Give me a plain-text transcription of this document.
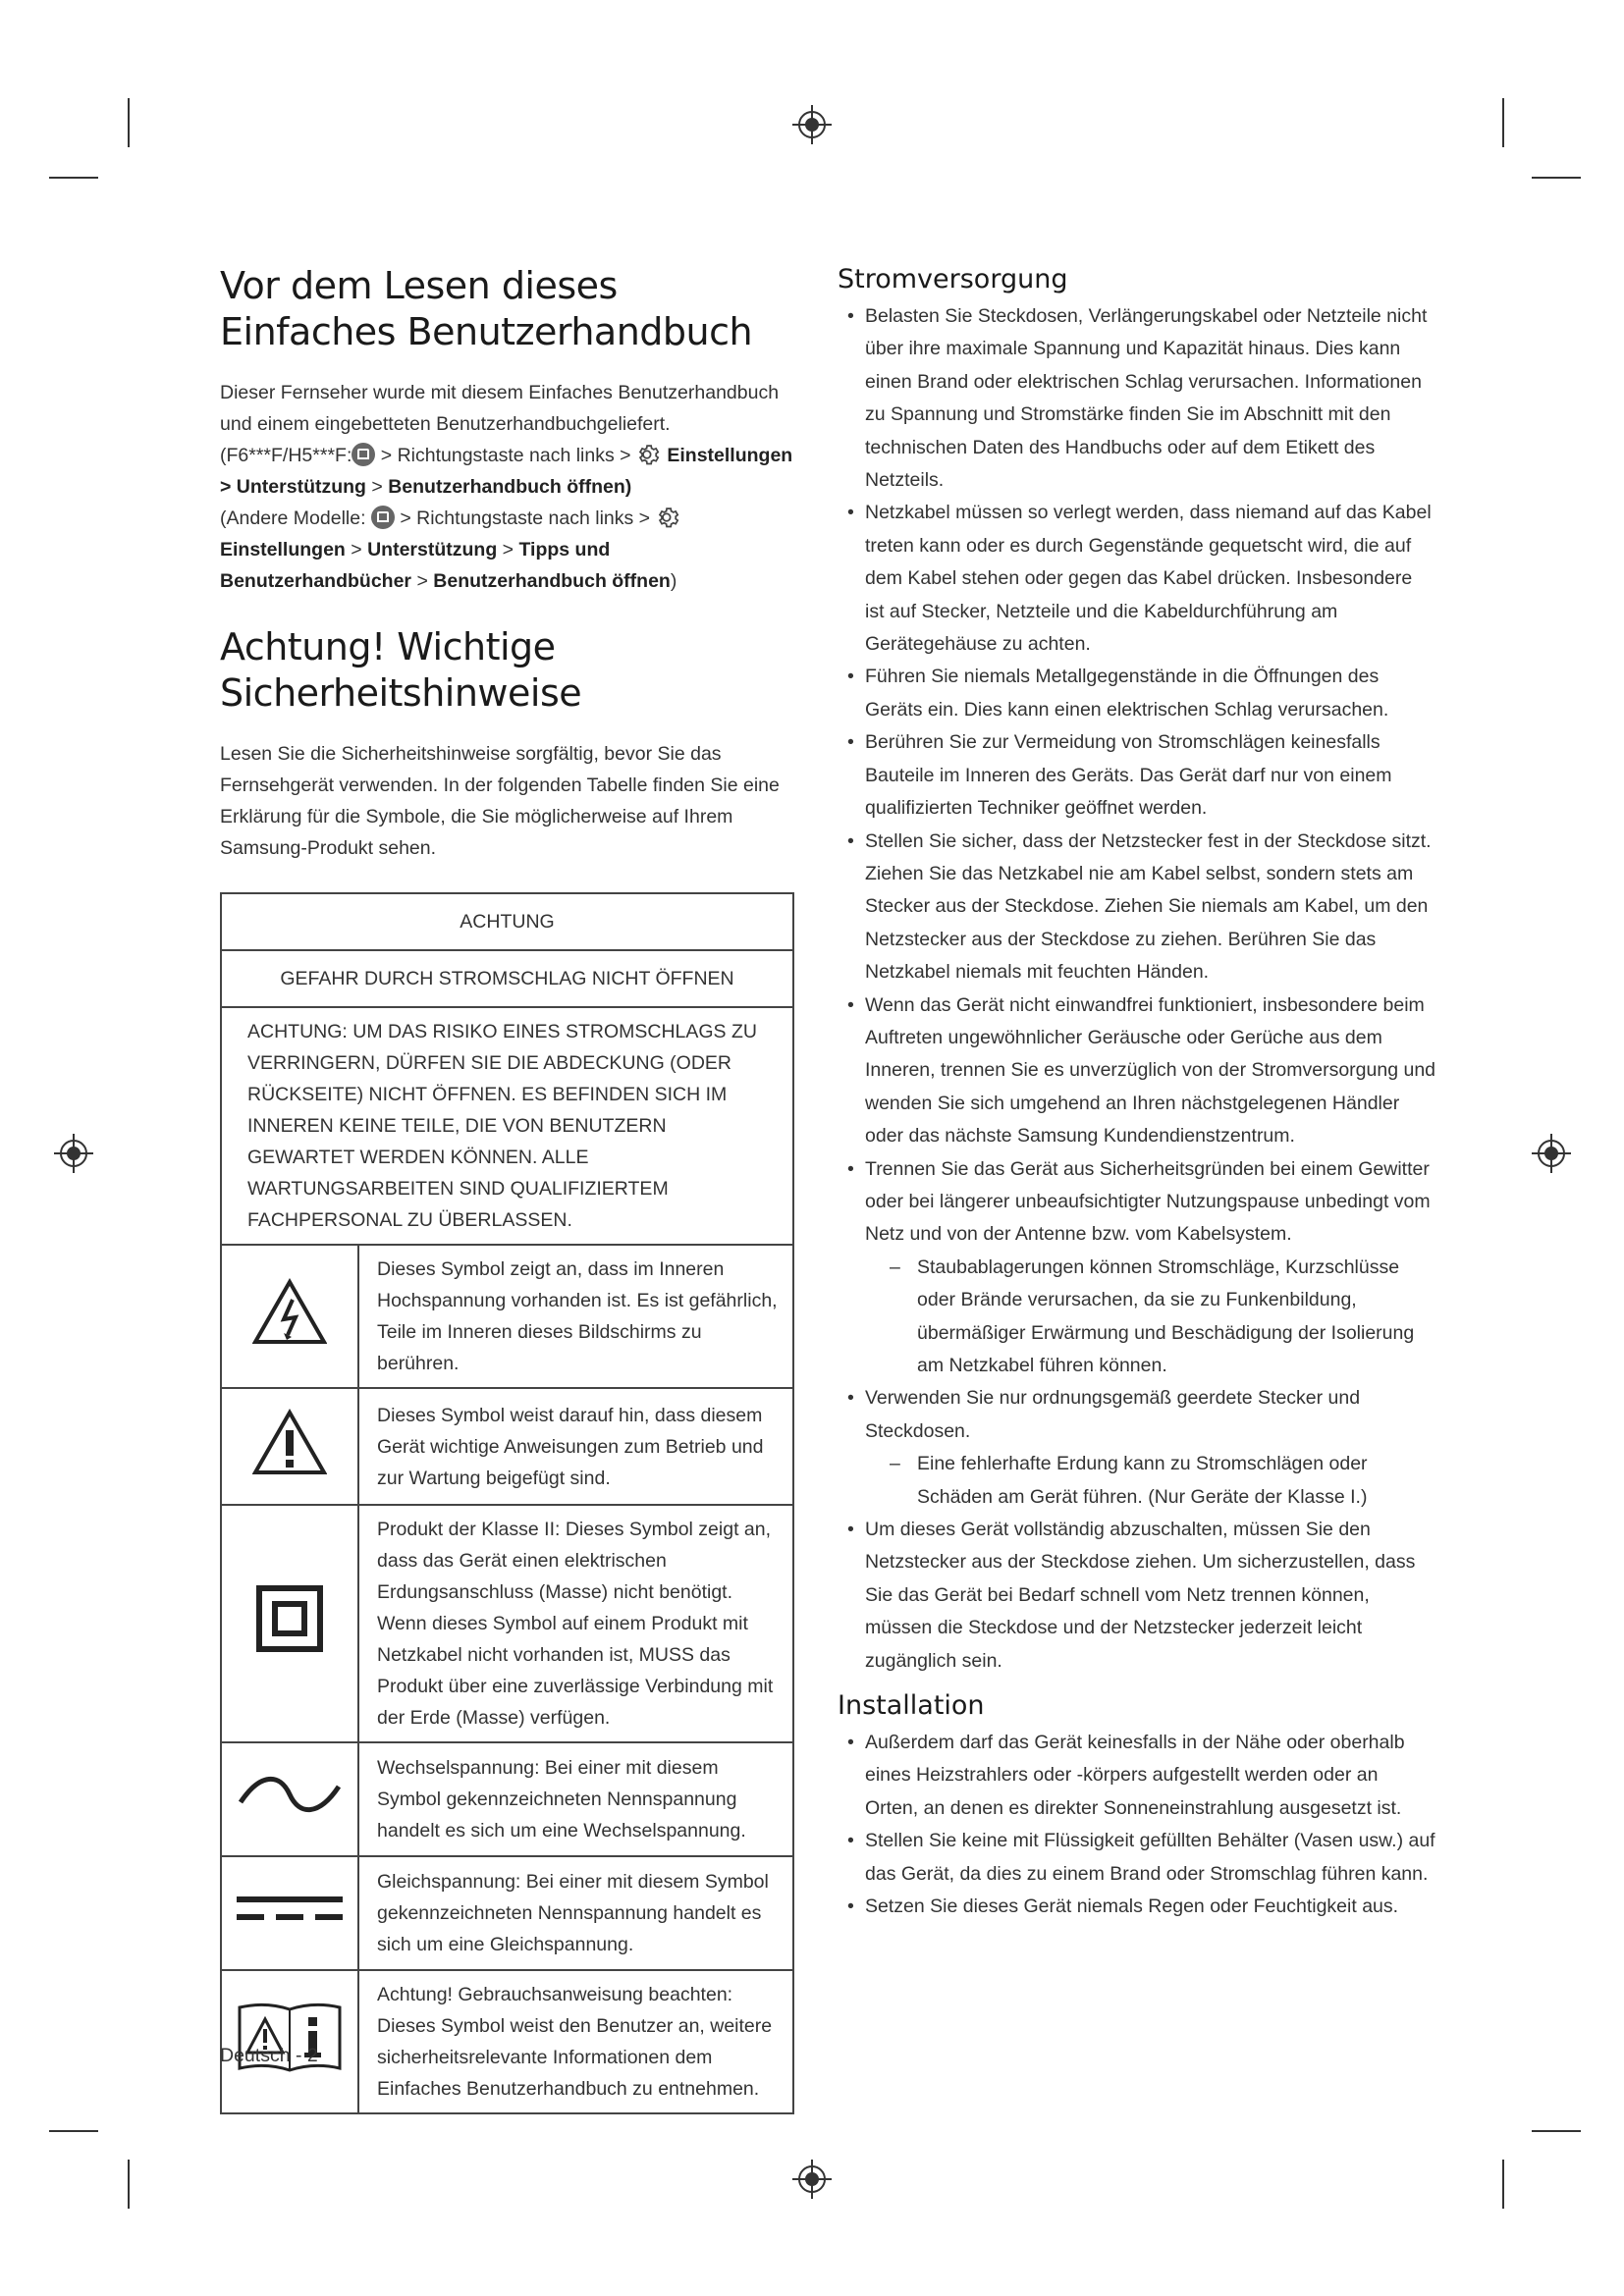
Vor dem Lesen dieses Einfaches Benutzerhandbuch

Dieser Fernseher wurde mit diesem Einfaches Benutzerhandbuch und einem eingebetteten Benutzerhandbuchgeliefert.

(F6***F/H5***F: > Richtungstaste nach links >  Einstellungen
> Unterstützung > Benutzerhandbuch öffnen)
(Andere Modelle:  > Richtungstaste nach links >  Einstellungen > Unterstützung > Tipps und Benutzerhandbücher > Benutzerhandbuch öffnen)
Achtung! Wichtige Sicherheitshinweise

Lesen Sie die Sicherheitshinweise sorgfältig, bevor Sie das Fernsehgerät verwenden. In der folgenden Tabelle finden Sie eine Erklärung für die Symbole, die Sie möglicherweise auf Ihrem Samsung-Produkt sehen.

ACHTUNG	
GEFAHR DURCH STROMSCHLAG NICHT ÖFFNEN	
ACHTUNG: UM DAS RISIKO EINES STROMSCHLAGS ZU VERRINGERN, DÜRFEN SIE DIE ABDECKUNG (ODER RÜCKSEITE) NICHT ÖFFNEN. ES BEFINDEN SICH IM INNEREN KEINE TEILE, DIE VON BENUTZERN GEWARTET WERDEN KÖNNEN. ALLE WARTUNGSARBEITEN SIND QUALIFIZIERTEM FACHPERSONAL ZU ÜBERLASSEN.	
	Dieses Symbol zeigt an, dass im Inneren Hochspannung vorhanden ist. Es ist gefährlich, Teile im Inneren dieses Bildschirms zu berühren.
	Dieses Symbol weist darauf hin, dass diesem Gerät wichtige Anweisungen zum Betrieb und zur Wartung beigefügt sind.
	Produkt der Klasse II: Dieses Symbol zeigt an, dass das Gerät einen elektrischen Erdungsanschluss (Masse) nicht benötigt. Wenn dieses Symbol auf einem Produkt mit Netzkabel nicht vorhanden ist, MUSS das Produkt über eine zuverlässige Verbindung mit der Erde (Masse) verfügen.
	Wechselspannung: Bei einer mit diesem Symbol gekennzeichneten Nennspannung handelt es sich um eine Wechselspannung.
	Gleichspannung: Bei einer mit diesem Symbol gekennzeichneten Nennspannung handelt es sich um eine Gleichspannung.
	Achtung! Gebrauchsanweisung beachten: Dieses Symbol weist den Benutzer an, weitere sicherheitsrelevante Informationen dem Einfaches Benutzerhandbuch zu entnehmen.
Stromversorgung
• Belasten Sie Steckdosen, Verlängerungskabel oder Netzteile nicht über ihre maximale Spannung und Kapazität hinaus. Dies kann einen Brand oder elektrischen Schlag verursachen. Informationen zu Spannung und Stromstärke finden Sie im Abschnitt mit den technischen Daten des Handbuchs oder auf dem Etikett des Netzteils.
• Netzkabel müssen so verlegt werden, dass niemand auf das Kabel treten kann oder es durch Gegenstände gequetscht wird, die auf dem Kabel stehen oder gegen das Kabel drücken. Insbesondere ist auf Stecker, Netzteile und die Kabeldurchführung am Gerätegehäuse zu achten.
• Führen Sie niemals Metallgegenstände in die Öffnungen des Geräts ein. Dies kann einen elektrischen Schlag verursachen.
• Berühren Sie zur Vermeidung von Stromschlägen keinesfalls Bauteile im Inneren des Geräts. Das Gerät darf nur von einem qualifizierten Techniker geöffnet werden.
• Stellen Sie sicher, dass der Netzstecker fest in der Steckdose sitzt. Ziehen Sie das Netzkabel nie am Kabel selbst, sondern stets am Stecker aus der Steckdose. Ziehen Sie niemals am Kabel, um den Netzstecker aus der Steckdose zu ziehen. Berühren Sie das Netzkabel niemals mit feuchten Händen.
• Wenn das Gerät nicht einwandfrei funktioniert, insbesondere beim Auftreten ungewöhnlicher Geräusche oder Gerüche aus dem Inneren, trennen Sie es unverzüglich von der Stromversorgung und wenden Sie sich umgehend an Ihren nächstgelegenen Händler oder das nächste Samsung Kundendienstzentrum.
• Trennen Sie das Gerät aus Sicherheitsgründen bei einem Gewitter oder bei längerer unbeaufsichtigter Nutzungspause unbedingt vom Netz und von der Antenne bzw. vom Kabelsystem.
– Staubablagerungen können Stromschläge, Kurzschlüsse oder Brände verursachen, da sie zu Funkenbildung, übermäßiger Erwärmung und Beschädigung der Isolierung am Netzkabel führen können.
• Verwenden Sie nur ordnungsgemäß geerdete Stecker und Steckdosen.
– Eine fehlerhafte Erdung kann zu Stromschlägen oder Schäden am Gerät führen. (Nur Geräte der Klasse I.)
• Um dieses Gerät vollständig abzuschalten, müssen Sie den Netzstecker aus der Steckdose ziehen. Um sicherzustellen, dass Sie das Gerät bei Bedarf schnell vom Netz trennen können, müssen die Steckdose und der Netzstecker jederzeit leicht zugänglich sein.
Installation
• Außerdem darf das Gerät keinesfalls in der Nähe oder oberhalb eines Heizstrahlers oder -körpers aufgestellt werden oder an Orten, an denen es direkter Sonneneinstrahlung ausgesetzt ist.
• Stellen Sie keine mit Flüssigkeit gefüllten Behälter (Vasen usw.) auf das Gerät, da dies zu einem Brand oder Stromschlag führen kann.
• Setzen Sie dieses Gerät niemals Regen oder Feuchtigkeit aus.
Deutsch - 2
